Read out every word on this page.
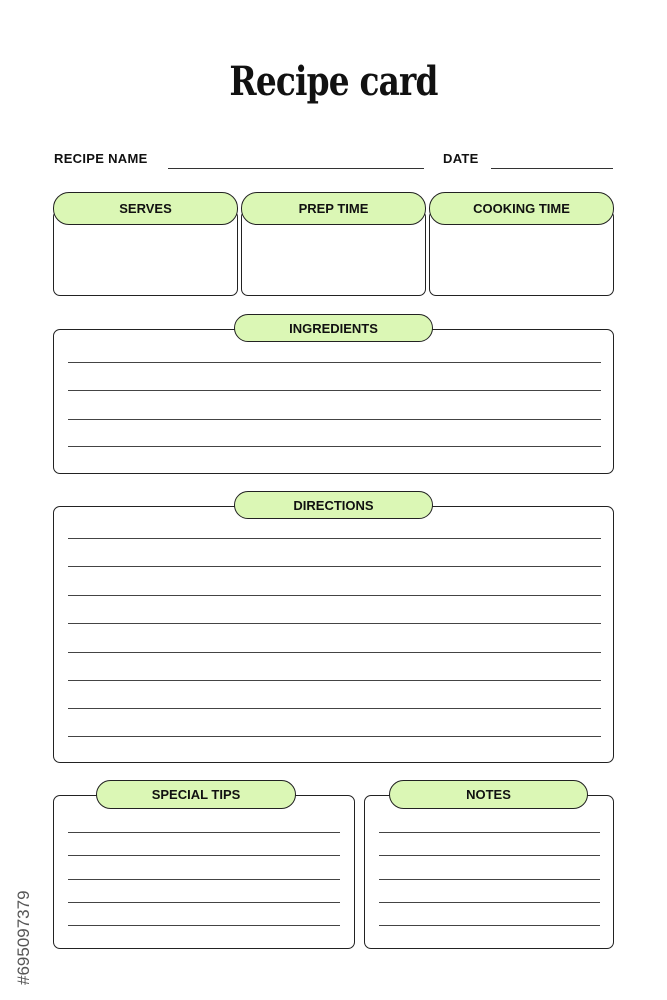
Recipe card
RECIPE NAME	DATE
SERVES	PREP TIME	COOKING TIME
INGREDIENTS
DIRECTIONS
SPECIAL TIPS	NOTES
#695097379
